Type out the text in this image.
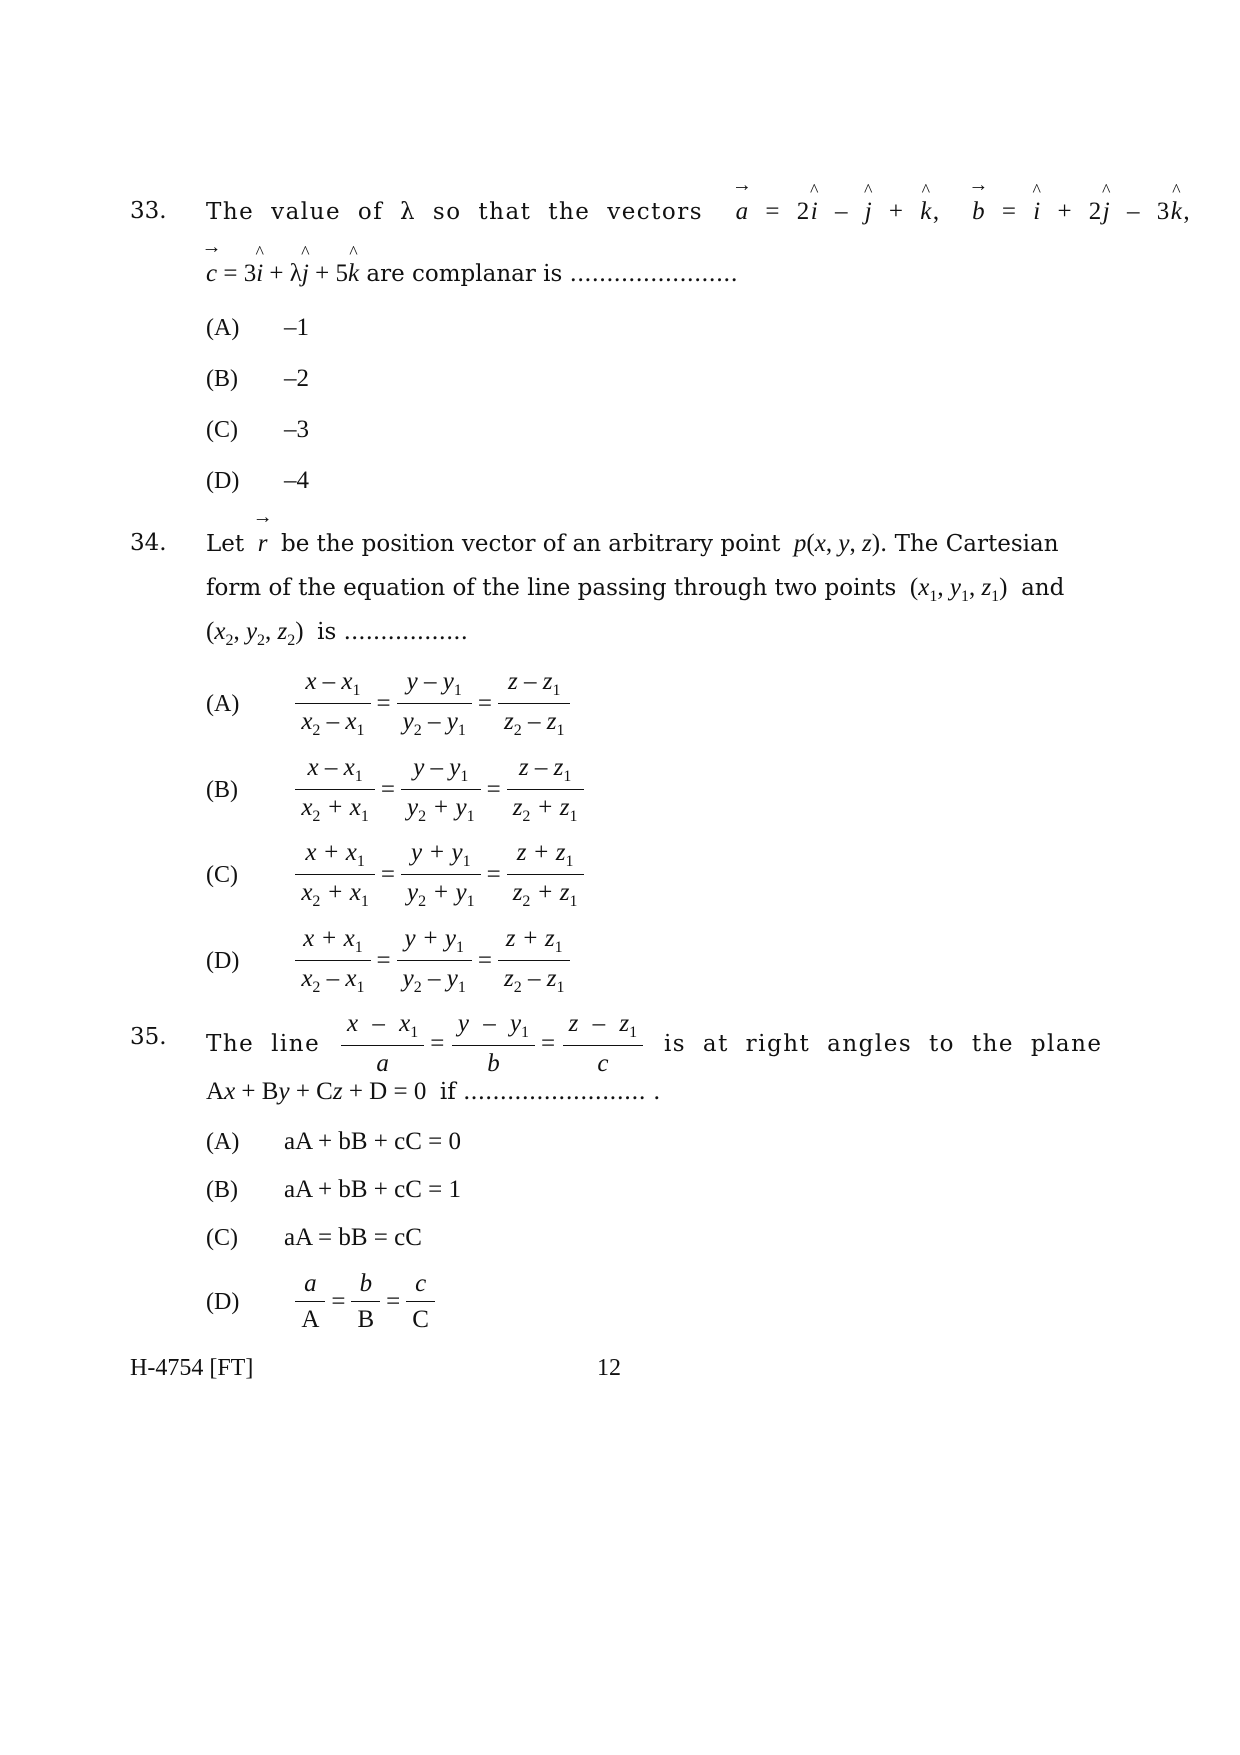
33. The value of λ so that the vectors → a = 2^ i – ^ j + ^ k,  → b = ^ i + 2^ j – 3^ k,
→ c = 3^ i + λ^ j + 5^ k are complanar is .......................
(A) –1
(B) –2
(C) –3
(D) –4
34. Let → r be the position vector of an arbitrary point p(x, y, z). The Cartesian
form of the equation of the line passing through two points  ($x_1$, $y_1$, $z_1$)  and
($x_2$, $y_2$, $z_2$)  is .................
$(A) \frac{x - x_1}{x_2 - x_1} = \frac{y - y_1}{y_2 - y_1} = \frac{z - z_1}{z_2 - z_1}$
$(B) \frac{x - x_1}{x_2 + x_1} = \frac{y - y_1}{y_2 + y_1} = \frac{z - z_1}{z_2 + z_1}$
$(C) \frac{x + x_1}{x_2 + x_1} = \frac{y + y_1}{y_2 + y_1} = \frac{z + z_1}{z_2 + z_1}$
$(D) \frac{x + x_1}{x_2 - x_1} = \frac{y + y_1}{y_2 - y_1} = \frac{z + z_1}{z_2 - z_1}$
35. The line $\frac{x - x_1}{a} = \frac{y - y_1}{b} = \frac{z - z_1}{c}$ is at right angles to the plane
Ax + By + Cz + D = 0  if ......................... .
(A) aA + bB + cC = 0
(B) aA + bB + cC = 1
(C) aA = bB = cC
$(D) \frac{a}{A} = \frac{b}{B} = \frac{c}{C}$
H-4754 [FT]	12
